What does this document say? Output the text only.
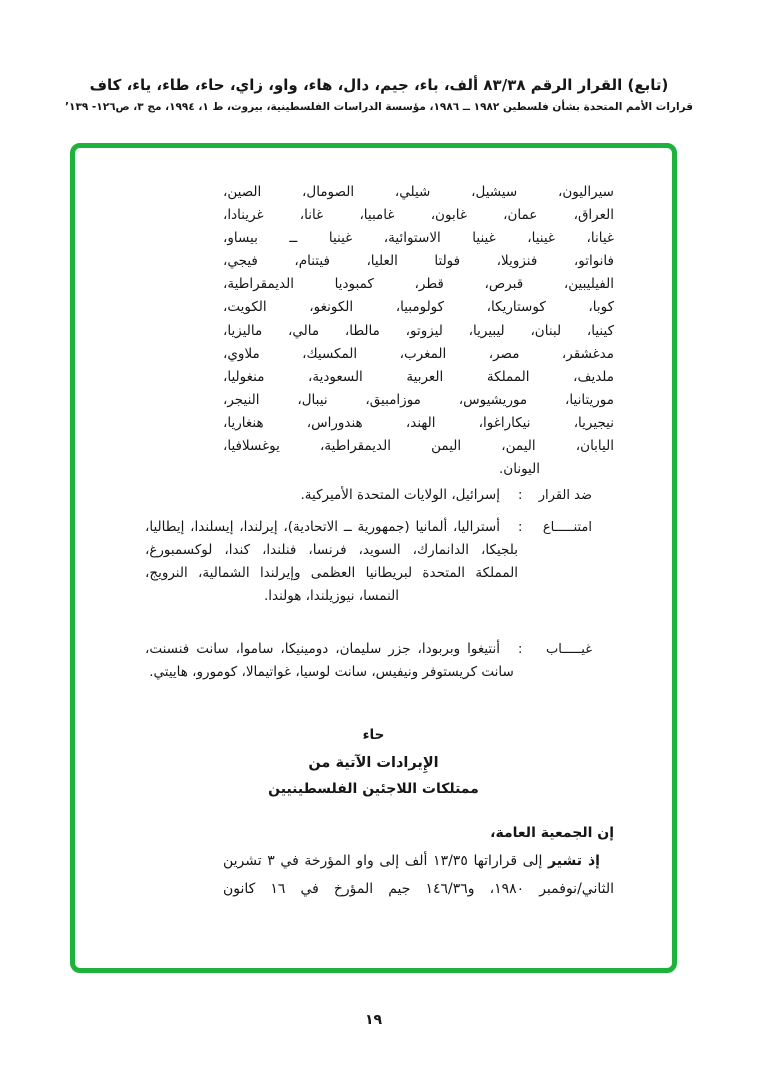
(تابع) القرار الرقم ٨٣/٣٨ ألف، باء، جيم، دال، هاء، واو، زاي، حاء، طاء، ياء، كاف
قرارات الأمم المتحدة بشأن فلسطين ١٩٨٢ ــ ١٩٨٦، مؤسسة الدراسات الفلسطينية، بيروت، ط ١، ١٩٩٤، مج ٣، ص١٢٦- ١٣٩’
سيراليون، سيشيل، شيلي، الصومال، الصين،
العراق، عمان، غابون، غامبيا، غانا، غرينادا،
غيانا، غينيا، غينيا الاستوائية، غينيا ــ بيساو،
فانواتو، فنزويلا، فولتا العليا، فيتنام، فيجي،
الفيليبين، قبرص، قطر، كمبوديا الديمقراطية،
كوبا، كوستاريكا، كولومبيا، الكونغو، الكويت،
كينيا، لبنان، ليبيريا، ليزوتو، مالطا، مالي، ماليزيا،
مدغشقر، مصر، المغرب، المكسيك، ملاوي،
ملديف، المملكة العربية السعودية، منغوليا،
موريتانيا، موريشيوس، موزامبيق، نيبال، النيجر،
نيجيريا، نيكاراغوا، الهند، هندوراس، هنغاريا،
اليابان، اليمن، اليمن الديمقراطية، يوغسلافيا،
اليونان.
ضد القرار
:
إسرائيل، الولايات المتحدة الأميركية.
امتنـــــاع
:
أستراليا، ألمانيا (جمهورية ــ الاتحادية)، إيرلندا، إيسلندا، إيطاليا، بلجيكا، الدانمارك، السويد، فرنسا، فنلندا، كندا، لوكسمبورغ، المملكة المتحدة لبريطانيا العظمى وإيرلندا الشمالية، النرويج، النمسا، نيوزيلندا، هولندا.
غيـــــاب
:
أنتيغوا وبربودا، جزر سليمان، دومينيكا، ساموا، سانت فنسنت، سانت كريستوفر ونيفيس، سانت لوسيا، غواتيمالا، كومورو، هاييتي.
حاء
الإِيرادات الآتية من
ممتلكات اللاجئين الفلسطينيين
إن الجمعية العامة،
إذ تشير إلى قراراتها ١٣/٣٥ ألف إلى واو المؤرخة في ٣ تشرين الثاني/نوفمبر ١٩٨٠، و١٤٦/٣٦ جيم المؤرخ في ١٦ كانون
١٩
